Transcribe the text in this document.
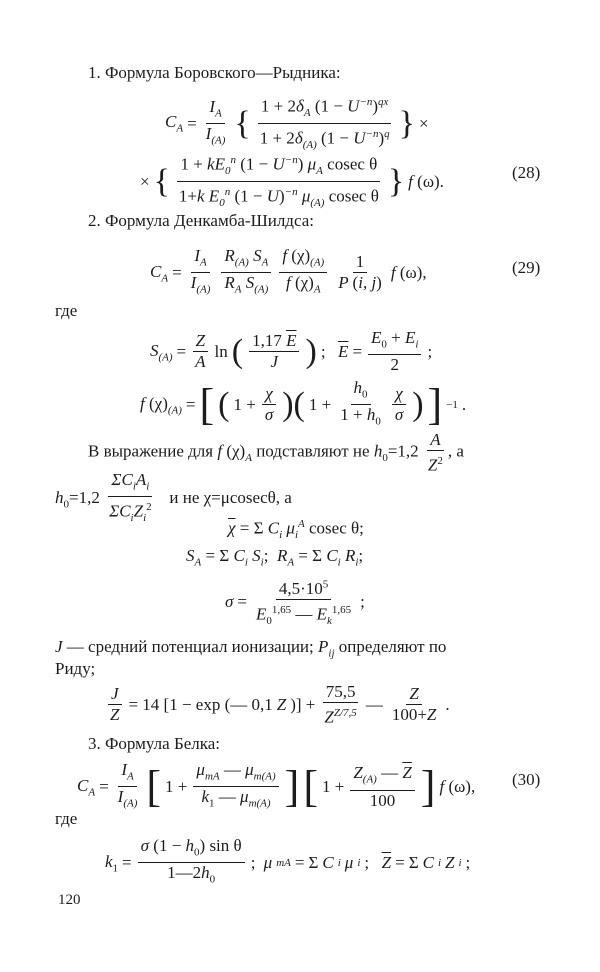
1. Формула Боровского—Рыдника:
$C_A = \frac{I_A}{I_{(A)}}$ { $\frac{1 + 2\delta_A (1 - U^{-n})^{qx}}{1 + 2\delta_{(A)} (1 - U^{-n})^q}$ } ×
× { $\frac{1 + kE_0^n (1 - U^{-n}) \mu_A cosec \theta}{1+k E_0^n (1 - U)^{-n} \mu_{(A)} cosec \theta}$ } f (ω).	(28)
2. Формула Денкамба-Шилдса:
$C_A = \frac{I_A}{I_{(A)}} \frac{R_{(A)} S_A}{R_A S_{(A)}} \frac{f (\chi)_{(A)}}{f (\chi)_A} \frac{1}{P (i, j)}$ f (ω),	(29)
где
$S_{(A)} = \frac{Z}{A}$ ln ( $\frac{1,17 \overline{E}}{J}$ ) ; $\overline{E} = \frac{E_0 + E_i}{2}$ ;
f $(\chi)_{(A)}$ = [ ( $1 + \frac{\chi}{\sigma}$ )( $1 + \frac{h_0}{1 + h_0} \frac{\chi}{\sigma}$ ) ] −1 .
В выражение для f $(\chi)_A$ подставляют не $h_0=1,2 \frac{A}{Z^2}$ , а
$h_0=1,2 \frac{\Sigma C_iA_i}{\Sigma C_iZ_i^2}$ и не χ=μcosecθ, а
$\overline{\chi} = \Sigma$ $C_i$ $\mu_i^A$ cosec θ;
$S_A = \Sigma$ $C_i$ $S_i$;  $R_A = \Sigma$ $C_i$ $R_i$;
$\sigma = \frac{4,5\cdot 10^5}{E_0^{1,65} — E_k^{1,65}}$ ;
J — средний потенциал ионизации; $P_{ij}$ определяют по
Риду;
$\frac{J}{Z} = 14$ [1 − exp (— 0,1 Z )] + $\frac{75,5}{Z^{Z/7,5}}$ — $\frac{Z}{100+Z}$ .
3. Формула Белка:
$C_A = \frac{I_A}{I_{(A)}}$ [ $1 + \frac{\mu_{mA} — \mu_{m(A)}}{k_1 — \mu_{m(A)}}$ ] [ $1 + \frac{Z_{(A)} — \overline{Z}}{100}$ ] f (ω), (30)
где
$k_1 = \frac{\sigma (1 - h_0) \sin \theta}{1—2h_0}$ ; μ mA = Σ C i μ i ; $\overline{Z} = \Sigma$ C i Z i ;
120
